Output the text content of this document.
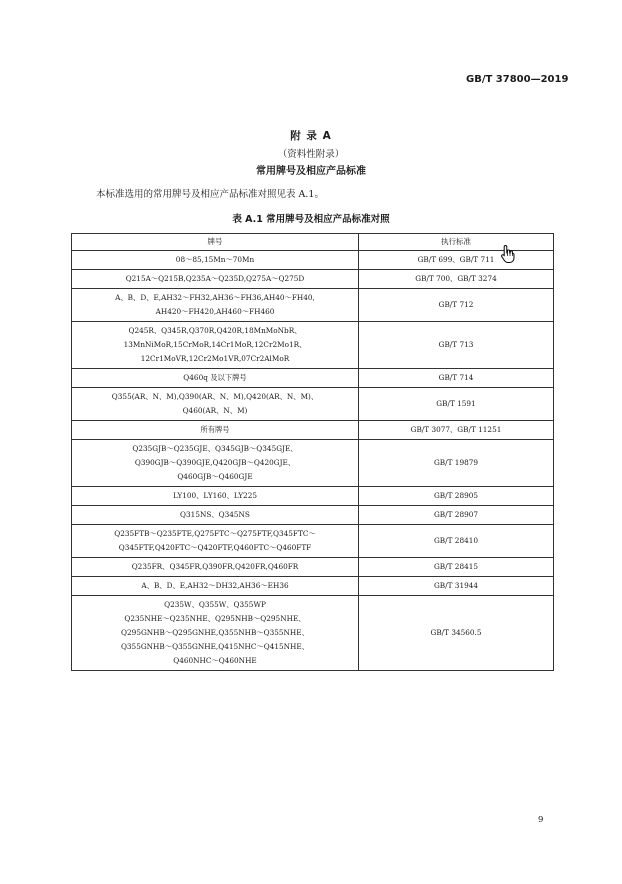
GB/T 37800—2019
附 录 A
（资料性附录）
常用牌号及相应产品标准
本标准选用的常用牌号及相应产品标准对照见表 A.1。
表 A.1 常用牌号及相应产品标准对照
牌号	执行标准

08～85,15Mn～70Mn	GB/T 699、GB/T 711

Q215A～Q215B,Q235A～Q235D,Q275A～Q275D	GB/T 700、GB/T 3274

A、B、D、E,AH32～FH32,AH36～FH36,AH40～FH40,
AH420～FH420,AH460～FH460	GB/T 712

Q245R、Q345R,Q370R,Q420R,18MnMoNbR、
13MnNiMoR,15CrMoR,14Cr1MoR,12Cr2Mo1R、
12Cr1MoVR,12Cr2Mo1VR,07Cr2AlMoR	GB/T 713

Q460q 及以下牌号	GB/T 714

Q355(AR、N、M),Q390(AR、N、M),Q420(AR、N、M)、
Q460(AR、N、M)	GB/T 1591

所有牌号	GB/T 3077、GB/T 11251

Q235GJB～Q235GJE、Q345GJB～Q345GJE、
Q390GJB～Q390GJE,Q420GJB～Q420GJE、
Q460GJB～Q460GJE	GB/T 19879

LY100、LY160、LY225	GB/T 28905

Q315NS、Q345NS	GB/T 28907

Q235FTB～Q235FTE,Q275FTC～Q275FTF,Q345FTC～
Q345FTF,Q420FTC～Q420FTF,Q460FTC～Q460FTF	GB/T 28410

Q235FR、Q345FR,Q390FR,Q420FR,Q460FR	GB/T 28415

A、B、D、E,AH32～DH32,AH36～EH36	GB/T 31944

Q235W、Q355W、Q355WP
Q235NHE～Q235NHE、Q295NHB～Q295NHE、
Q295GNHB～Q295GNHE,Q355NHB～Q355NHE、
Q355GNHB～Q355GNHE,Q415NHC～Q415NHE、
Q460NHC～Q460NHE	GB/T 34560.5
9
